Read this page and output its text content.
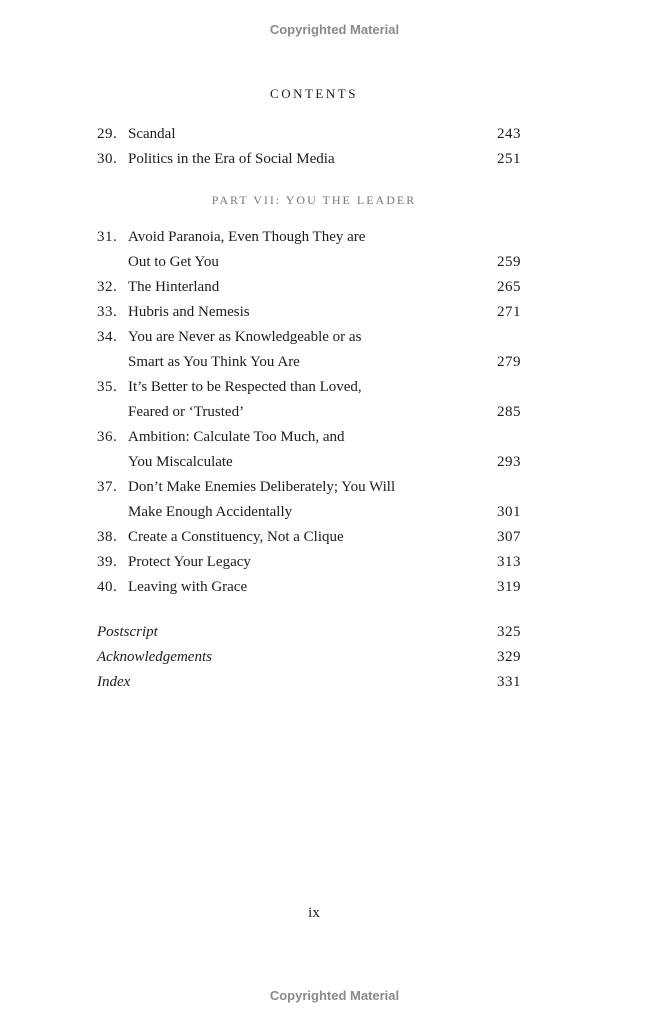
Copyrighted Material
CONTENTS
29. Scandal	243
30. Politics in the Era of Social Media	251
PART VII: YOU THE LEADER
31. Avoid Paranoia, Even Though They are
Out to Get You	259
32. The Hinterland	265
33. Hubris and Nemesis	271
34. You are Never as Knowledgeable or as
Smart as You Think You Are	279
35. It’s Better to be Respected than Loved,
Feared or ‘Trusted’	285
36. Ambition: Calculate Too Much, and
You Miscalculate	293
37. Don’t Make Enemies Deliberately; You Will
Make Enough Accidentally	301
38. Create a Constituency, Not a Clique	307
39. Protect Your Legacy	313
40. Leaving with Grace	319
Postscript	325
Acknowledgements	329
Index	331
ix
Copyrighted Material
